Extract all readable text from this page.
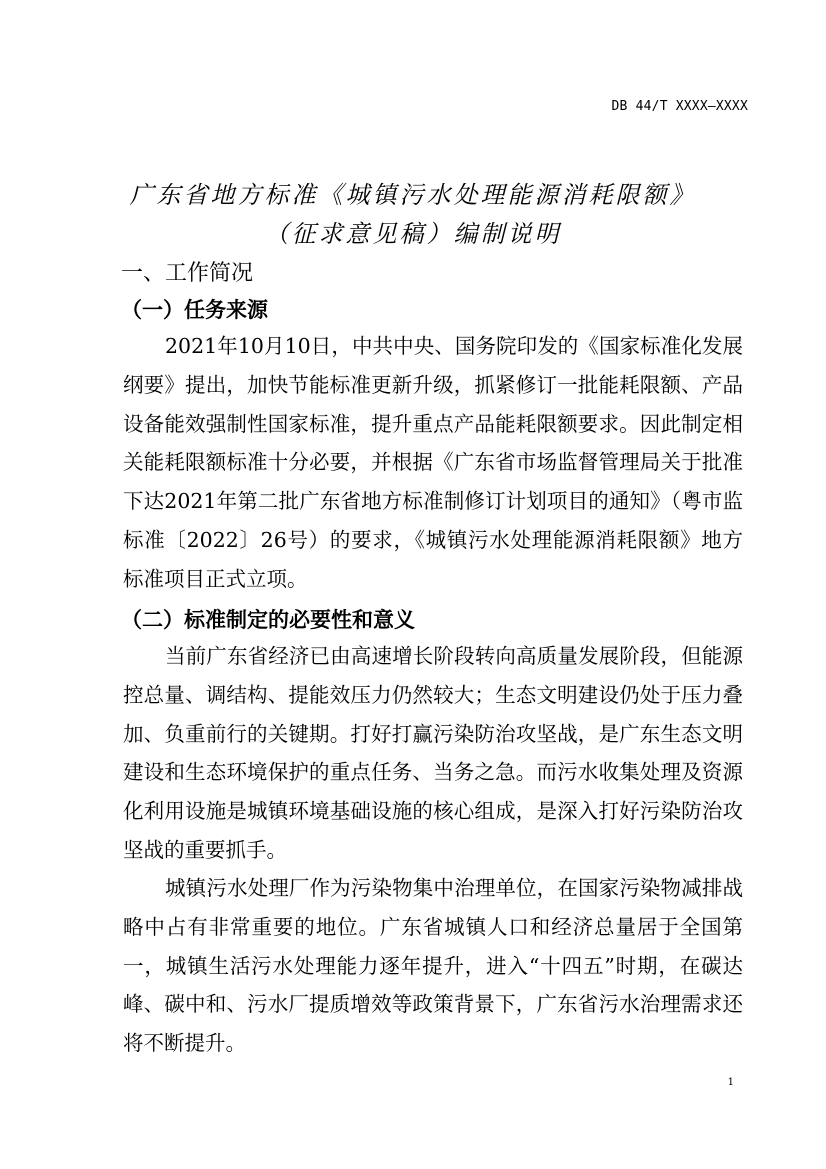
DB 44/T XXXX—XXXX
广东省地方标准《城镇污水处理能源消耗限额》
（征求意见稿）编制说明
一、工作简况
（一）任务来源

2021年10月10日，中共中央、国务院印发的《国家标准化发展纲要》提出，加快节能标准更新升级，抓紧修订一批能耗限额、产品设备能效强制性国家标准，提升重点产品能耗限额要求。因此制定相关能耗限额标准十分必要，并根据《广东省市场监督管理局关于批准下达2021年第二批广东省地方标准制修订计划项目的通知》（粤市监标准〔2022〕26号）的要求，《城镇污水处理能源消耗限额》地方标准项目正式立项。

（二）标准制定的必要性和意义

当前广东省经济已由高速增长阶段转向高质量发展阶段，但能源控总量、调结构、提能效压力仍然较大；生态文明建设仍处于压力叠加、负重前行的关键期。打好打赢污染防治攻坚战，是广东生态文明建设和生态环境保护的重点任务、当务之急。而污水收集处理及资源化利用设施是城镇环境基础设施的核心组成，是深入打好污染防治攻坚战的重要抓手。

城镇污水处理厂作为污染物集中治理单位，在国家污染物减排战略中占有非常重要的地位。广东省城镇人口和经济总量居于全国第一，城镇生活污水处理能力逐年提升，进入“十四五”时期，在碳达峰、碳中和、污水厂提质增效等政策背景下，广东省污水治理需求还将不断提升。

1
